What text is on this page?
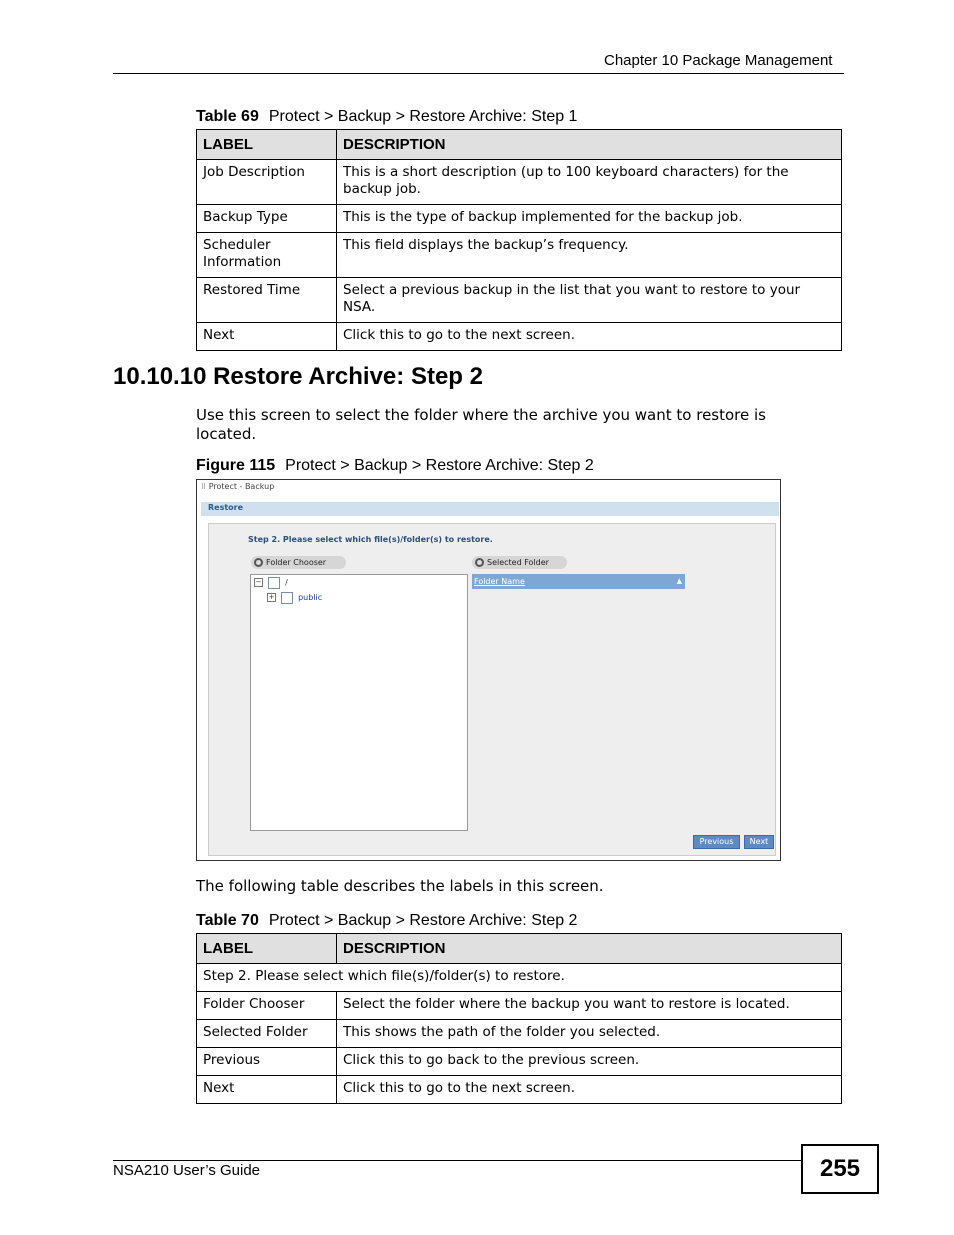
Chapter 10 Package Management
Table 69 Protect > Backup > Restore Archive: Step 1
LABEL	DESCRIPTION
Job Description	This is a short description (up to 100 keyboard characters) for the backup job.
Backup Type	This is the type of backup implemented for the backup job.
Scheduler Information	This field displays the backup’s frequency.
Restored Time	Select a previous backup in the list that you want to restore to your NSA.
Next	Click this to go to the next screen.
10.10.10 Restore Archive: Step 2
Use this screen to select the folder where the archive you want to restore is located.
Figure 115 Protect > Backup > Restore Archive: Step 2
⠿ Protect - Backup
Restore
Step 2. Please select which file(s)/folder(s) to restore.
Folder Chooser	Selected Folder
−	/
+	public
Folder Name	▲
Previous	Next
The following table describes the labels in this screen.
Table 70 Protect > Backup > Restore Archive: Step 2
LABEL	DESCRIPTION
Step 2. Please select which file(s)/folder(s) to restore.	
Folder Chooser	Select the folder where the backup you want to restore is located.
Selected Folder	This shows the path of the folder you selected.
Previous	Click this to go back to the previous screen.
Next	Click this to go to the next screen.
NSA210 User’s Guide	255
